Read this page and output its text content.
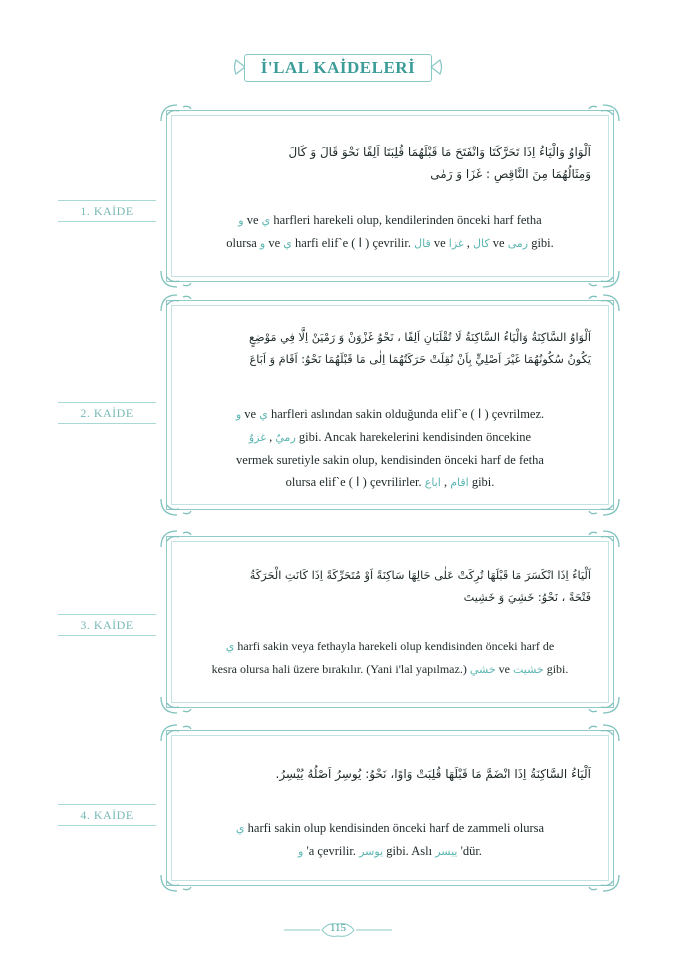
İ'LAL KAİDELERİ
1. KAİDE
اَلْوَاوُ وَالْيَاءُ اِذَا تَحَرَّكَتَا وَانْفَتَحَ مَا قَبْلَهُمَا قُلِبَتَا اَلِفًا نَحْوَ قَالَ وَ كَالَ
وَمِثَالُهُمَا مِنَ النَّاقِصِ : غَزَا وَ رَمٰى
و ve ي harfleri harekeli olup, kendilerinden önceki harf fetha
olursa و ve ي harfi elif`e ( ا ) çevrilir. قال ve كال , غزا ve رمى gibi.
2. KAİDE
اَلْوَاوُ السَّاكِنَةُ وَالْيَاءُ السَّاكِنَةُ لَا تُقْلَبَانِ اَلِفًا ، نَحْوُ غَزْوَنْ وَ رَمْيَنْ اِلَّا فِي مَوْضِعٍ
يَكُونُ سُكُونُهُمَا غَيْرَ اَصْلِيٍّ بِاَنْ نُقِلَتْ حَرَكَتُهُمَا اِلٰى مَا قَبْلَهُمَا نَحْوُ: اَقَامَ وَ اَبَاعَ
و ve ي harfleri aslından sakin olduğunda elif`e ( ا ) çevrilmez.
رميٌ , غزوٌ gibi. Ancak harekelerini kendisinden öncekine
vermek suretiyle sakin olup, kendisinden önceki harf de fetha
olursa elif`e ( ا ) çevrilirler. اقام , اباع gibi.
3. KAİDE
اَلْيَاءُ اِذَا انْكَسَرَ مَا قَبْلَهَا تُرِكَتْ عَلٰى حَالِهَا سَاكِنَةً اَوْ مُتَحَرِّكَةً اِذَا كَانَتِ الْحَرَكَةُ
فَتْحَةً ، نَحْوُ: خَشِيَ وَ خَشِيتَ
ي harfi sakin veya fethayla harekeli olup kendisinden önceki harf de
kesra olursa hali üzere bırakılır. (Yani i'lal yapılmaz.) خشي ve خشيت gibi.
4. KAİDE
اَلْيَاءُ السَّاكِنَةُ اِذَا انْضَمَّ مَا قَبْلَهَا قُلِبَتْ وَاوًا، نَحْوُ: يُوسِرُ اَصْلُهُ يُيْسِرُ.
ي harfi sakin olup kendisinden önceki harf de zammeli olursa
و 'a çevrilir. يوسر gibi. Aslı ييسر 'dür.
115
